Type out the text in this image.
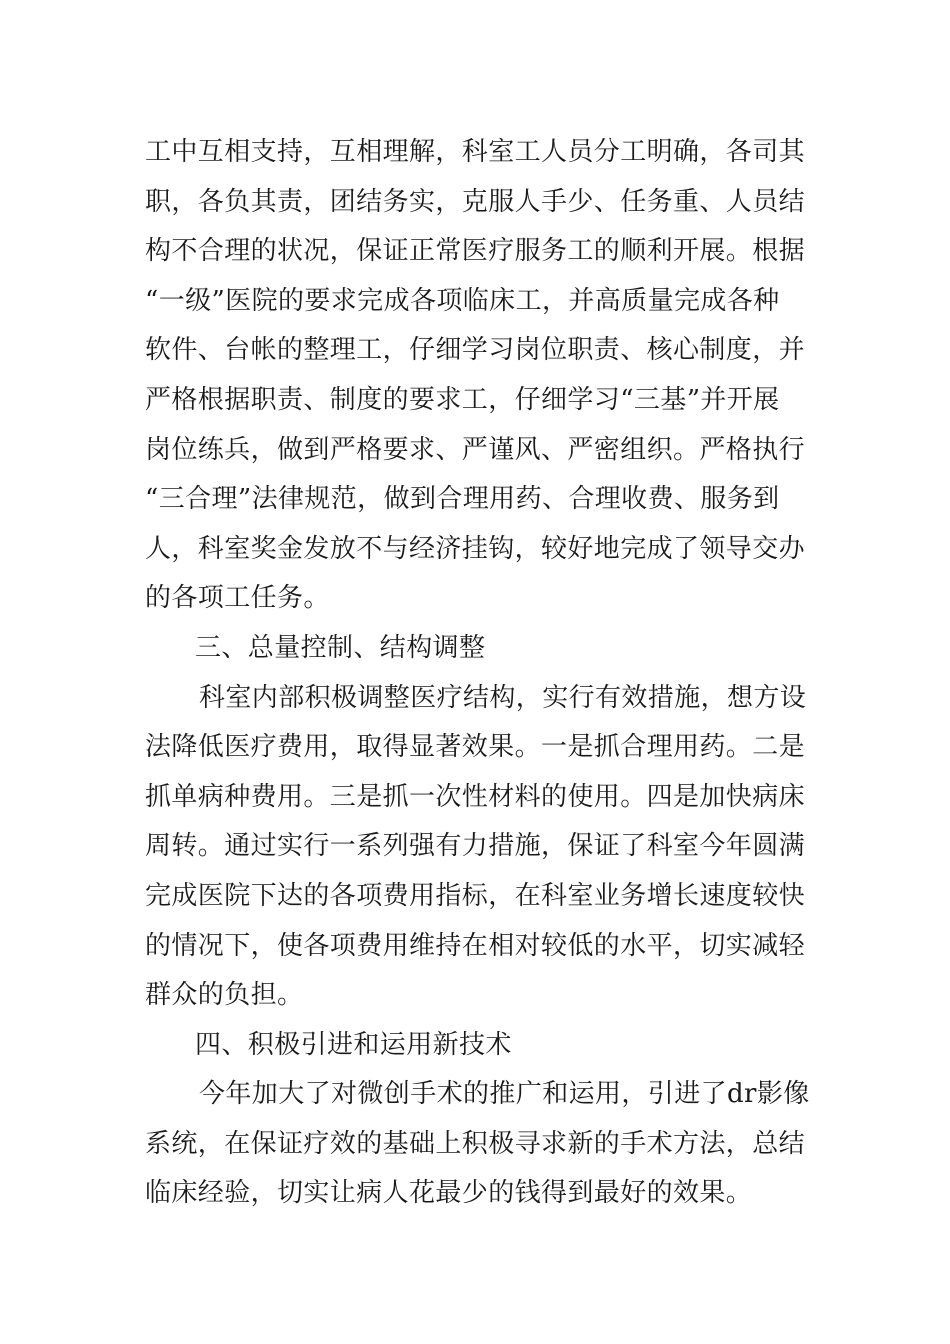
工中互相支持，互相理解，科室工人员分工明确，各司其
职，各负其责，团结务实，克服人手少、任务重、人员结
构不合理的状况，保证正常医疗服务工的顺利开展。根据
“一级”医院的要求完成各项临床工，并高质量完成各种
软件、台帐的整理工，仔细学习岗位职责、核心制度，并
严格根据职责、制度的要求工，仔细学习“三基”并开展
岗位练兵，做到严格要求、严谨风、严密组织。严格执行
“三合理”法律规范，做到合理用药、合理收费、服务到
人，科室奖金发放不与经济挂钩，较好地完成了领导交办
的各项工任务。
三、总量控制、结构调整
科室内部积极调整医疗结构，实行有效措施，想方设
法降低医疗费用，取得显著效果。一是抓合理用药。二是
抓单病种费用。三是抓一次性材料的使用。四是加快病床
周转。通过实行一系列强有力措施，保证了科室今年圆满
完成医院下达的各项费用指标，在科室业务增长速度较快
的情况下，使各项费用维持在相对较低的水平，切实减轻
群众的负担。
四、积极引进和运用新技术
今年加大了对微创手术的推广和运用，引进了dr影像
系统，在保证疗效的基础上积极寻求新的手术方法，总结
临床经验，切实让病人花最少的钱得到最好的效果。
